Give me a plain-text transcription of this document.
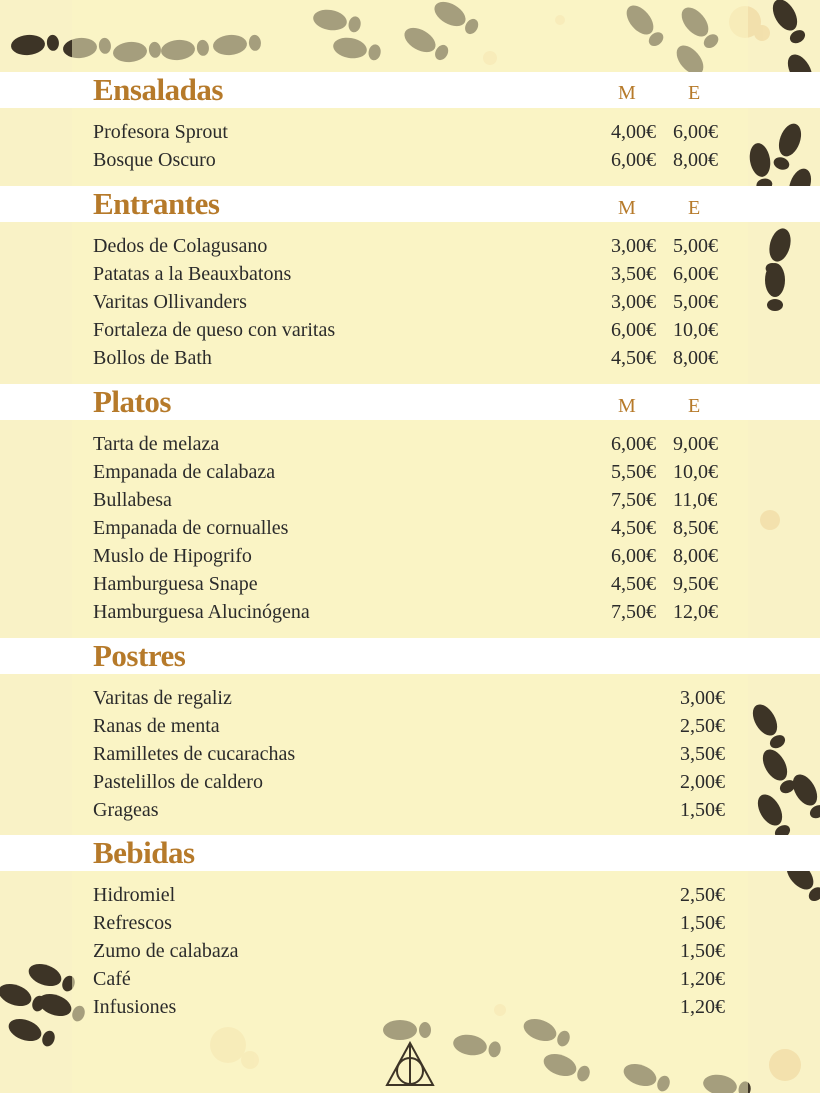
Ensaladas	M	E
Profesora Sprout	4,00€ 6,00€
Bosque Oscuro	6,00€ 8,00€
Entrantes	M	E
Dedos de Colagusano	3,00€ 5,00€
Patatas a la Beauxbatons	3,50€ 6,00€
Varitas Ollivanders	3,00€ 5,00€
Fortaleza de queso con varitas	6,00€ 10,0€
Bollos de Bath	4,50€ 8,00€
Platos	M	E
Tarta de melaza	6,00€ 9,00€
Empanada de calabaza	5,50€ 10,0€
Bullabesa	7,50€ 11,0€
Empanada de cornualles	4,50€ 8,50€
Muslo de Hipogrifo	6,00€ 8,00€
Hamburguesa Snape	4,50€ 9,50€
Hamburguesa Alucinógena	7,50€ 12,0€
Postres
Varitas de regaliz	3,00€
Ranas de menta	2,50€
Ramilletes de cucarachas	3,50€
Pastelillos de caldero	2,00€
Grageas	1,50€
Bebidas
Hidromiel	2,50€
Refrescos	1,50€
Zumo de calabaza	1,50€
Café	1,20€
Infusiones	1,20€
